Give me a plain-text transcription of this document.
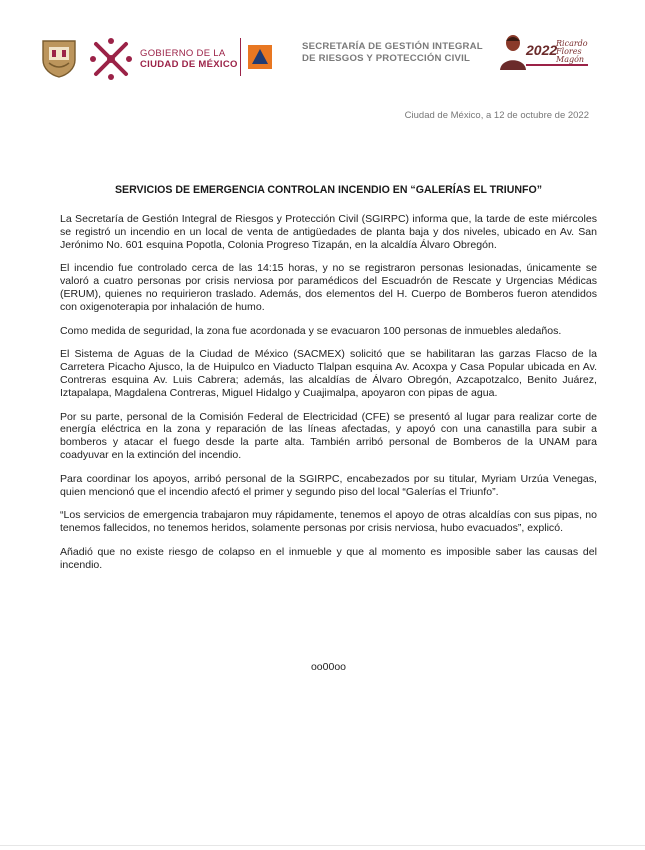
GOBIERNO DE LA
CIUDAD DE MÉXICO
SECRETARÍA DE GESTIÓN INTEGRAL
DE RIESGOS Y PROTECCIÓN CIVIL
2022
Ricardo
Flores
Magón
Ciudad de México, a 12 de octubre de 2022
SERVICIOS DE EMERGENCIA CONTROLAN INCENDIO EN “GALERÍAS EL TRIUNFO”

La Secretaría de Gestión Integral de Riesgos y Protección Civil (SGIRPC) informa que, la tarde de este miércoles se registró un incendio en un local de venta de antigüedades de planta baja y dos niveles, ubicado en Av. San Jerónimo No. 601 esquina Popotla, Colonia Progreso Tizapán, en la alcaldía Álvaro Obregón.

El incendio fue controlado cerca de las 14:15 horas, y no se registraron personas lesionadas, únicamente se valoró a cuatro personas por crisis nerviosa por paramédicos del Escuadrón de Rescate y Urgencias Médicas (ERUM), quienes no requirieron traslado. Además, dos elementos del H. Cuerpo de Bomberos fueron atendidos con oxigenoterapia por inhalación de humo.

Como medida de seguridad, la zona fue acordonada y se evacuaron 100 personas de inmuebles aledaños.

El Sistema de Aguas de la Ciudad de México (SACMEX) solicitó que se habilitaran las garzas Flacso de la Carretera Picacho Ajusco, la de Huipulco en Viaducto Tlalpan esquina Av. Acoxpa y Casa Popular ubicada en Av. Contreras esquina Av. Luis Cabrera; además, las alcaldías de Álvaro Obregón, Azcapotzalco, Benito Juárez, Iztapalapa, Magdalena Contreras, Miguel Hidalgo y Cuajimalpa, apoyaron con pipas de agua.

Por su parte, personal de la Comisión Federal de Electricidad (CFE) se presentó al lugar para realizar corte de energía eléctrica en la zona y reparación de las líneas afectadas, y apoyó con una canastilla para subir a bomberos y atacar el fuego desde la parte alta. También arribó personal de Bomberos de la UNAM para coadyuvar en la extinción del incendio.

Para coordinar los apoyos, arribó personal de la SGIRPC, encabezados por su titular, Myriam Urzúa Venegas, quien mencionó que el incendio afectó el primer y segundo piso del local “Galerías el Triunfo”.

“Los servicios de emergencia trabajaron muy rápidamente, tenemos el apoyo de otras alcaldías con sus pipas, no tenemos fallecidos, no tenemos heridos, solamente personas por crisis nerviosa, hubo evacuados”, explicó.

Añadió que no existe riesgo de colapso en el inmueble y que al momento es imposible saber las causas del incendio.

oo00oo
